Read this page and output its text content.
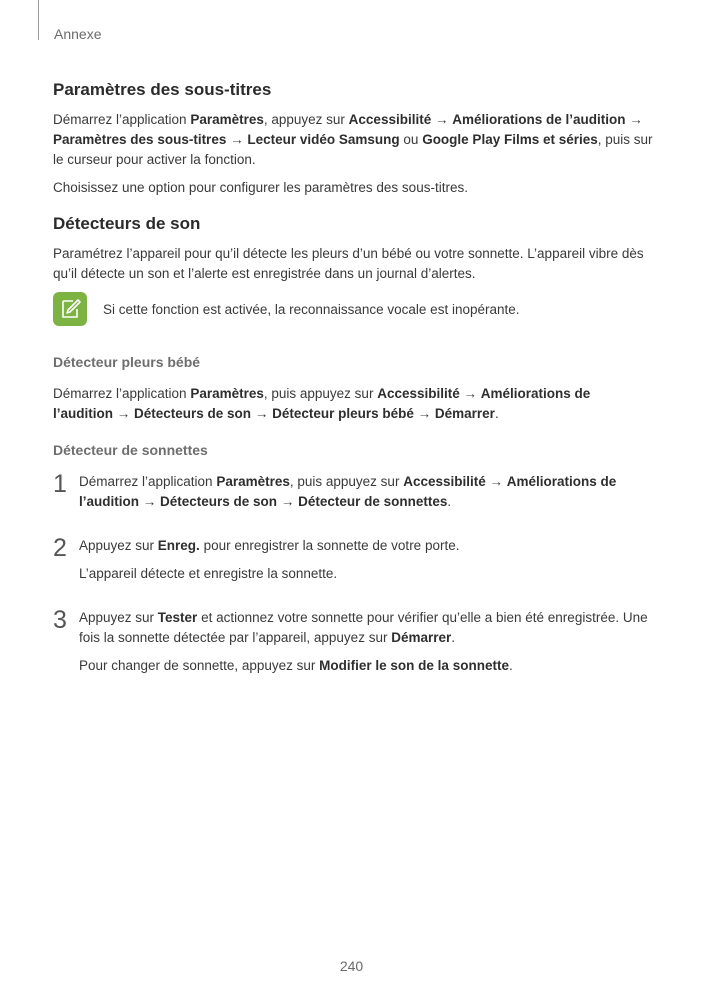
Annexe
Paramètres des sous-titres

Démarrez l’application Paramètres, appuyez sur Accessibilité → Améliorations de l’audition → Paramètres des sous-titres → Lecteur vidéo Samsung ou Google Play Films et séries, puis sur le curseur pour activer la fonction.

Choisissez une option pour configurer les paramètres des sous-titres.

Détecteurs de son

Paramétrez l’appareil pour qu’il détecte les pleurs d’un bébé ou votre sonnette. L’appareil vibre dès qu’il détecte un son et l’alerte est enregistrée dans un journal d’alertes.

Si cette fonction est activée, la reconnaissance vocale est inopérante.
Détecteur pleurs bébé

Démarrez l’application Paramètres, puis appuyez sur Accessibilité → Améliorations de l’audition → Détecteurs de son → Détecteur pleurs bébé → Démarrer.

Détecteur de sonnettes
1 Démarrez l’application Paramètres, puis appuyez sur Accessibilité → Améliorations de l’audition → Détecteurs de son → Détecteur de sonnettes.

2 Appuyez sur Enreg. pour enregistrer la sonnette de votre porte.

L’appareil détecte et enregistre la sonnette.

3 Appuyez sur Tester et actionnez votre sonnette pour vérifier qu’elle a bien été enregistrée. Une fois la sonnette détectée par l’appareil, appuyez sur Démarrer.

Pour changer de sonnette, appuyez sur Modifier le son de la sonnette.

240
